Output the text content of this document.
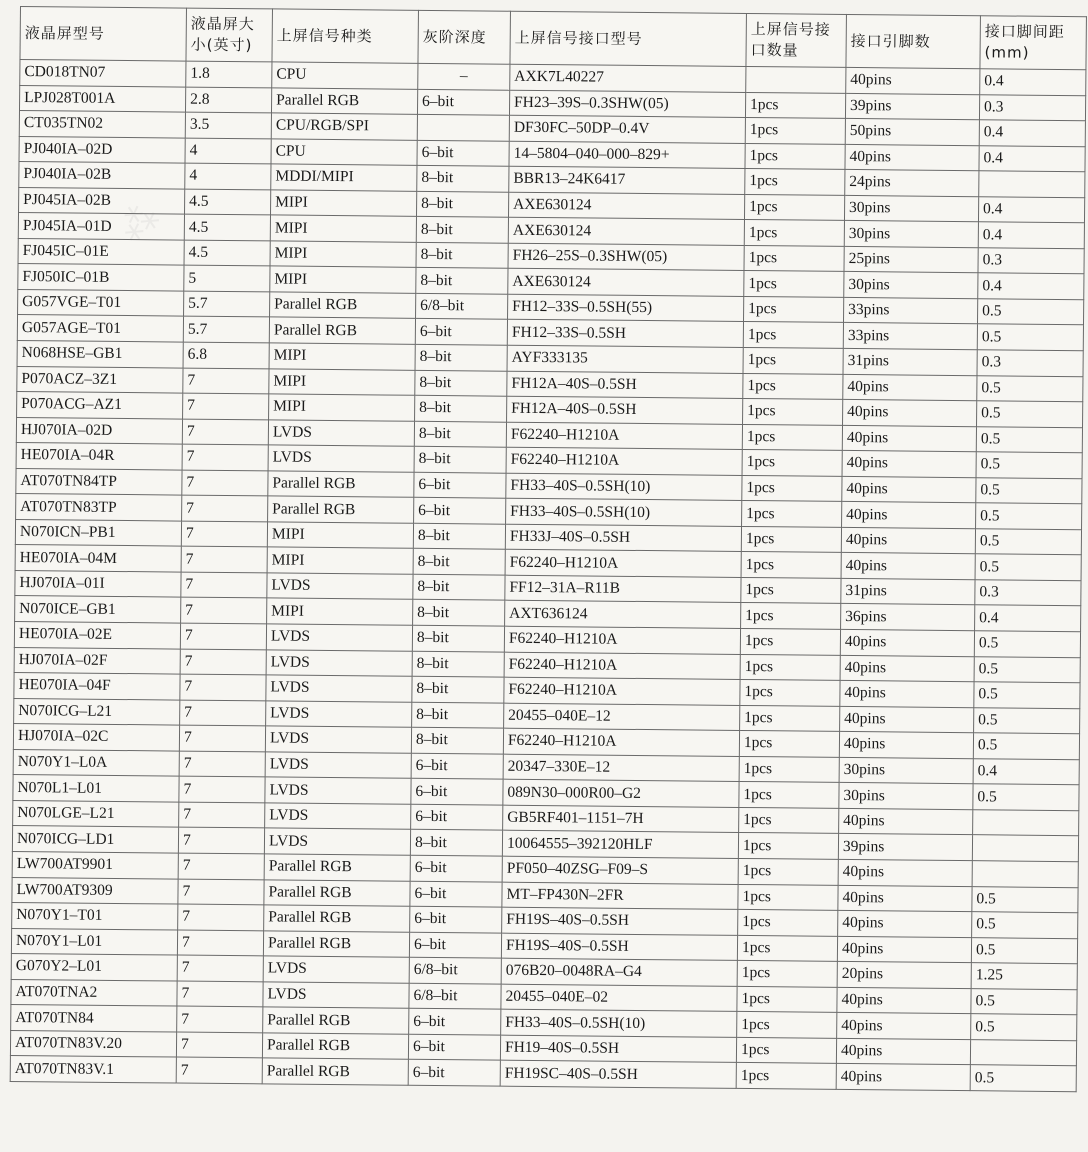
液晶屏型号	液晶屏大小(英寸)	上屏信号种类	灰阶深度	上屏信号接口型号	上屏信号接口数量	接口引脚数	接口脚间距(mm)
CD018TN07	1.8	CPU	–	AXK7L40227		40pins	0.4
LPJ028T001A	2.8	Parallel RGB	6–bit	FH23–39S–0.3SHW(05)	1pcs	39pins	0.3
CT035TN02	3.5	CPU/RGB/SPI		DF30FC–50DP–0.4V	1pcs	50pins	0.4
PJ040IA–02D	4	CPU	6–bit	14–5804–040–000–829+	1pcs	40pins	0.4
PJ040IA–02B	4	MDDI/MIPI	8–bit	BBR13–24K6417	1pcs	24pins	
PJ045IA–02B	4.5	MIPI	8–bit	AXE630124	1pcs	30pins	0.4
PJ045IA–01D	4.5	MIPI	8–bit	AXE630124	1pcs	30pins	0.4
FJ045IC–01E	4.5	MIPI	8–bit	FH26–25S–0.3SHW(05)	1pcs	25pins	0.3
FJ050IC–01B	5	MIPI	8–bit	AXE630124	1pcs	30pins	0.4
G057VGE–T01	5.7	Parallel RGB	6/8–bit	FH12–33S–0.5SH(55)	1pcs	33pins	0.5
G057AGE–T01	5.7	Parallel RGB	6–bit	FH12–33S–0.5SH	1pcs	33pins	0.5
N068HSE–GB1	6.8	MIPI	8–bit	AYF333135	1pcs	31pins	0.3
P070ACZ–3Z1	7	MIPI	8–bit	FH12A–40S–0.5SH	1pcs	40pins	0.5
P070ACG–AZ1	7	MIPI	8–bit	FH12A–40S–0.5SH	1pcs	40pins	0.5
HJ070IA–02D	7	LVDS	8–bit	F62240–H1210A	1pcs	40pins	0.5
HE070IA–04R	7	LVDS	8–bit	F62240–H1210A	1pcs	40pins	0.5
AT070TN84TP	7	Parallel RGB	6–bit	FH33–40S–0.5SH(10)	1pcs	40pins	0.5
AT070TN83TP	7	Parallel RGB	6–bit	FH33–40S–0.5SH(10)	1pcs	40pins	0.5
N070ICN–PB1	7	MIPI	8–bit	FH33J–40S–0.5SH	1pcs	40pins	0.5
HE070IA–04M	7	MIPI	8–bit	F62240–H1210A	1pcs	40pins	0.5
HJ070IA–01I	7	LVDS	8–bit	FF12–31A–R11B	1pcs	31pins	0.3
N070ICE–GB1	7	MIPI	8–bit	AXT636124	1pcs	36pins	0.4
HE070IA–02E	7	LVDS	8–bit	F62240–H1210A	1pcs	40pins	0.5
HJ070IA–02F	7	LVDS	8–bit	F62240–H1210A	1pcs	40pins	0.5
HE070IA–04F	7	LVDS	8–bit	F62240–H1210A	1pcs	40pins	0.5
N070ICG–L21	7	LVDS	8–bit	20455–040E–12	1pcs	40pins	0.5
HJ070IA–02C	7	LVDS	8–bit	F62240–H1210A	1pcs	40pins	0.5
N070Y1–L0A	7	LVDS	6–bit	20347–330E–12	1pcs	30pins	0.4
N070L1–L01	7	LVDS	6–bit	089N30–000R00–G2	1pcs	30pins	0.5
N070LGE–L21	7	LVDS	6–bit	GB5RF401–1151–7H	1pcs	40pins	
N070ICG–LD1	7	LVDS	8–bit	10064555–392120HLF	1pcs	39pins	
LW700AT9901	7	Parallel RGB	6–bit	PF050–40ZSG–F09–S	1pcs	40pins	
LW700AT9309	7	Parallel RGB	6–bit	MT–FP430N–2FR	1pcs	40pins	0.5
N070Y1–T01	7	Parallel RGB	6–bit	FH19S–40S–0.5SH	1pcs	40pins	0.5
N070Y1–L01	7	Parallel RGB	6–bit	FH19S–40S–0.5SH	1pcs	40pins	0.5
G070Y2–L01	7	LVDS	6/8–bit	076B20–0048RA–G4	1pcs	20pins	1.25
AT070TNA2	7	LVDS	6/8–bit	20455–040E–02	1pcs	40pins	0.5
AT070TN84	7	Parallel RGB	6–bit	FH33–40S–0.5SH(10)	1pcs	40pins	0.5
AT070TN83V.20	7	Parallel RGB	6–bit	FH19–40S–0.5SH	1pcs	40pins	
AT070TN83V.1	7	Parallel RGB	6–bit	FH19SC–40S–0.5SH	1pcs	40pins	0.5
